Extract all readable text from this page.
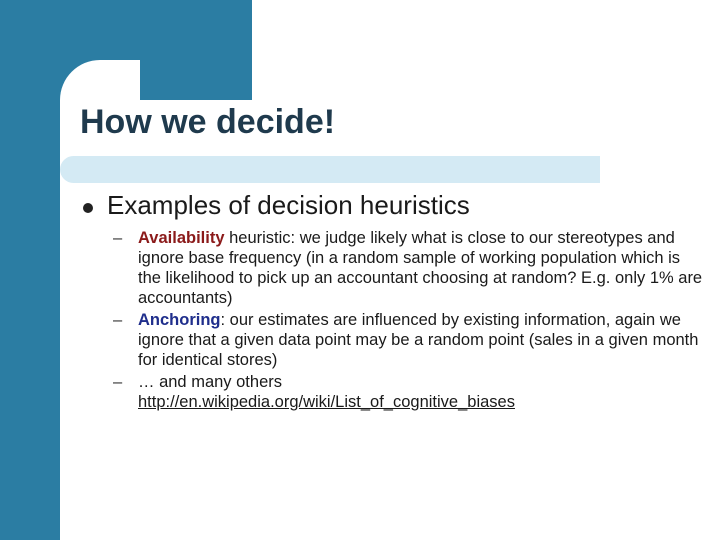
How we decide!
Examples of decision heuristics
– Availability heuristic: we judge likely what is close to our stereotypes and ignore base frequency (in a random sample of working population which is the likelihood to pick up an accountant choosing at random? E.g. only 1% are accountants)
– Anchoring: our estimates are influenced by existing information, again we ignore that a given data point may be a random point (sales in a given month for identical stores)
– … and many others
http://en.wikipedia.org/wiki/List_of_cognitive_biases
